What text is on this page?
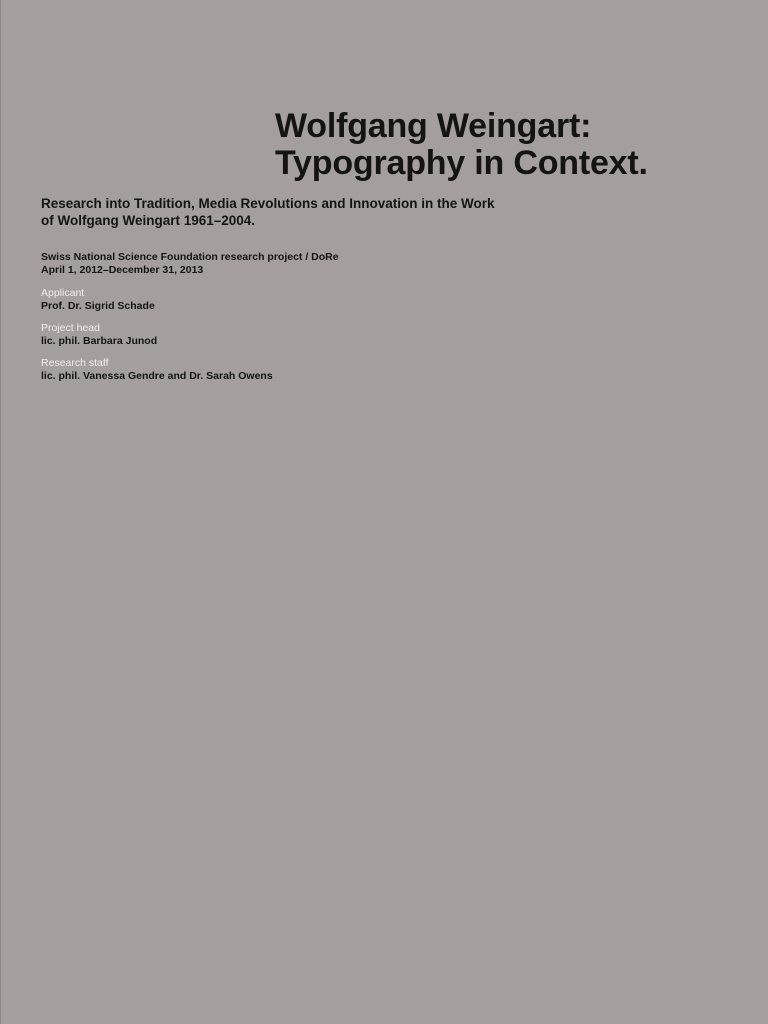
Wolfgang Weingart:
Typography in Context.

Research into Tradition, Media Revolutions and Innovation in the Work
of Wolfgang Weingart 1961–2004.

Swiss National Science Foundation research project / DoRe
April 1, 2012–December 31, 2013
Applicant
Prof. Dr. Sigrid Schade
Project head
lic. phil. Barbara Junod
Research staff
lic. phil. Vanessa Gendre and Dr. Sarah Owens
